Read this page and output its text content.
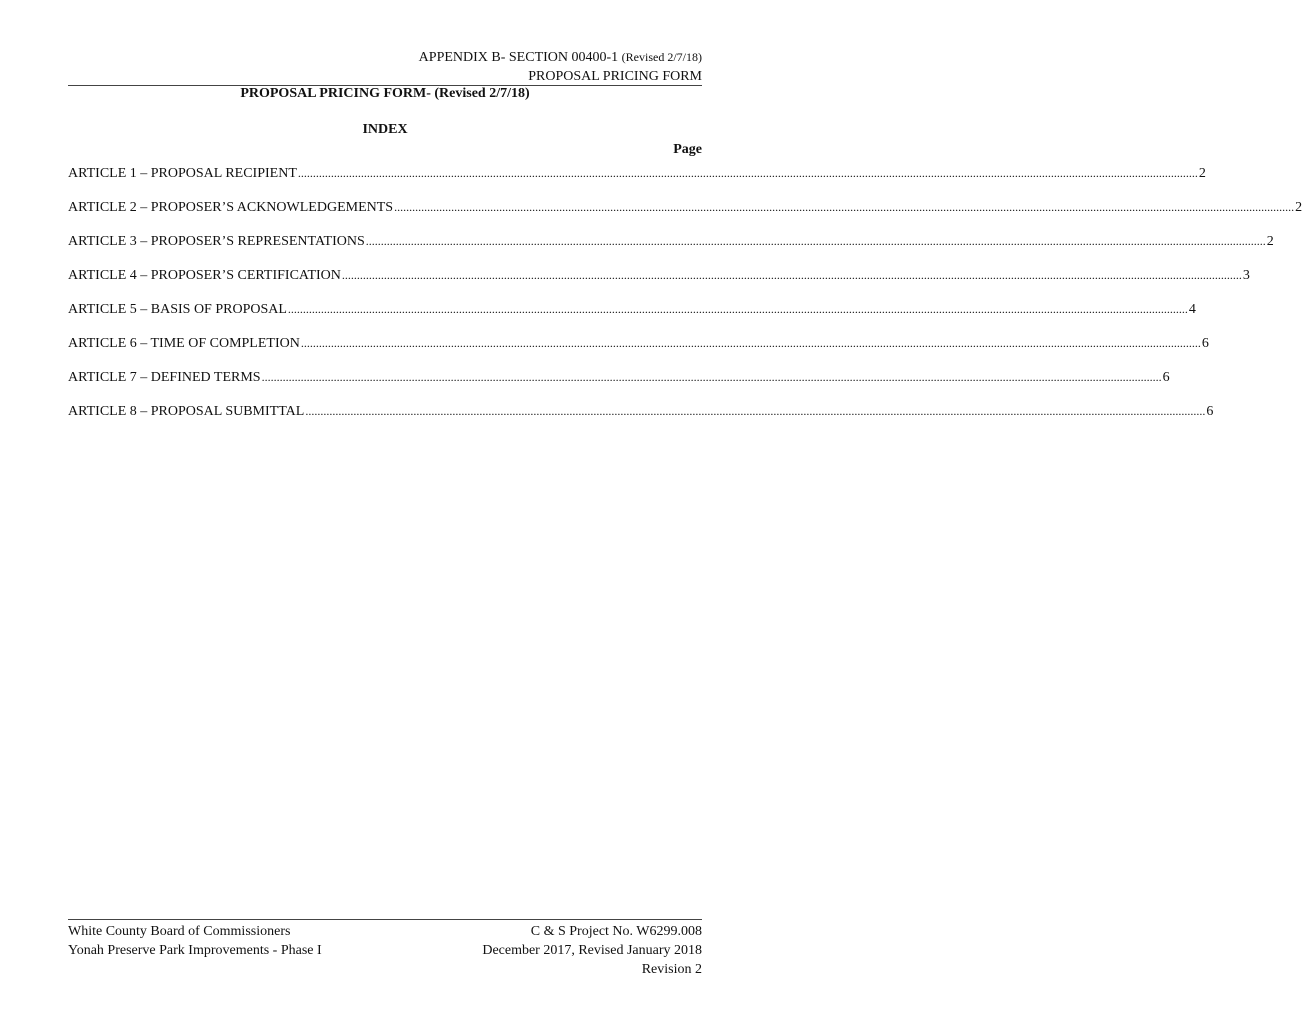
APPENDIX B- SECTION 00400-1 (Revised 2/7/18)
PROPOSAL PRICING FORM
PROPOSAL PRICING FORM- (Revised 2/7/18)
INDEX
Page
ARTICLE 1 – PROPOSAL RECIPIENT ............................................................................................................................................................................................................................................................................................................ 2
ARTICLE 2 – PROPOSER’S ACKNOWLEDGEMENTS ............................................................................................................................................................................................................................................................................................................ 2
ARTICLE 3 – PROPOSER’S REPRESENTATIONS ............................................................................................................................................................................................................................................................................................................ 2
ARTICLE 4 – PROPOSER’S CERTIFICATION ............................................................................................................................................................................................................................................................................................................ 3
ARTICLE 5 – BASIS OF PROPOSAL ............................................................................................................................................................................................................................................................................................................ 4
ARTICLE 6 – TIME OF COMPLETION ............................................................................................................................................................................................................................................................................................................ 6
ARTICLE 7 – DEFINED TERMS ............................................................................................................................................................................................................................................................................................................ 6
ARTICLE 8 – PROPOSAL SUBMITTAL ............................................................................................................................................................................................................................................................................................................ 6
White County Board of Commissioners
Yonah Preserve Park Improvements - Phase I
C & S Project No. W6299.008
December 2017, Revised January 2018
Revision 2
